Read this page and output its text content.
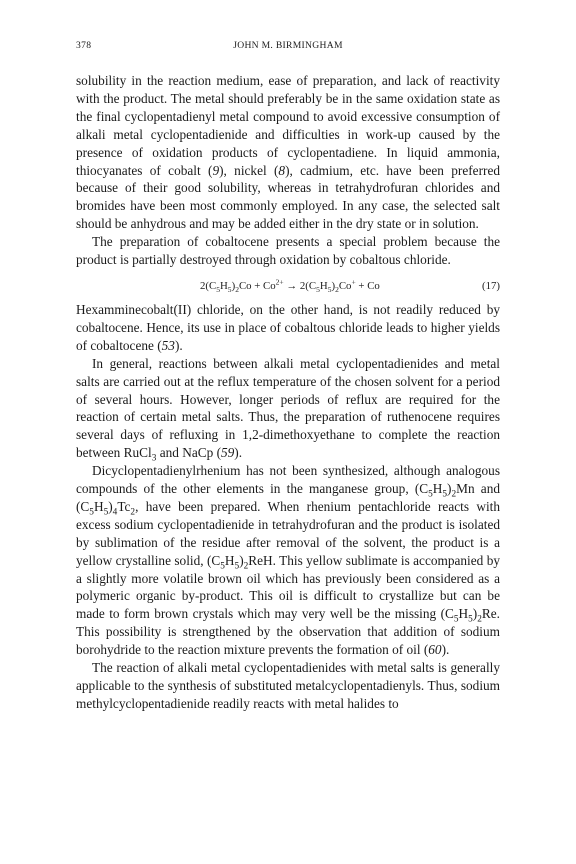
378	JOHN M. BIRMINGHAM

solubility in the reaction medium, ease of preparation, and lack of reactivity with the product. The metal should preferably be in the same oxidation state as the final cyclopentadienyl metal compound to avoid excessive consumption of alkali metal cyclopentadienide and difficulties in work-up caused by the presence of oxidation products of cyclopentadiene. In liquid ammonia, thiocyanates of cobalt (9), nickel (8), cadmium, etc. have been preferred because of their good solubility, whereas in tetrahydrofuran chlorides and bromides have been most commonly employed. In any case, the selected salt should be anhydrous and may be added either in the dry state or in solution.

The preparation of cobaltocene presents a special problem because the product is partially destroyed through oxidation by cobaltous chloride.

$2(C_5H_5)_2Co + Co^{2+} \to 2(C_5H_5)_2Co^+ + Co$	(17)

Hexamminecobalt(II) chloride, on the other hand, is not readily reduced by cobaltocene. Hence, its use in place of cobaltous chloride leads to higher yields of cobaltocene (53).

In general, reactions between alkali metal cyclopentadienides and metal salts are carried out at the reflux temperature of the chosen solvent for a period of several hours. However, longer periods of reflux are required for the reaction of certain metal salts. Thus, the preparation of ruthenocene requires several days of refluxing in 1,2-dimethoxyethane to complete the reaction between RuCl$_3$ and NaCp (59).

Dicyclopentadienylrhenium has not been synthesized, although analogous compounds of the other elements in the manganese group, $(C_5H_5)_2Mn$ and $(C_5H_5)_4Tc_2$, have been prepared. When rhenium pentachloride reacts with excess sodium cyclopentadienide in tetrahydrofuran and the product is isolated by sublimation of the residue after removal of the solvent, the product is a yellow crystalline solid, $(C_5H_5)_2ReH$. This yellow sublimate is accompanied by a slightly more volatile brown oil which has previously been considered as a polymeric organic by-product. This oil is difficult to crystallize but can be made to form brown crystals which may very well be the missing $(C_5H_5)_2Re$. This possibility is strengthened by the observation that addition of sodium borohydride to the reaction mixture prevents the formation of oil (60).

The reaction of alkali metal cyclopentadienides with metal salts is generally applicable to the synthesis of substituted metalcyclopentadienyls. Thus, sodium methylcyclopentadienide readily reacts with metal halides to
